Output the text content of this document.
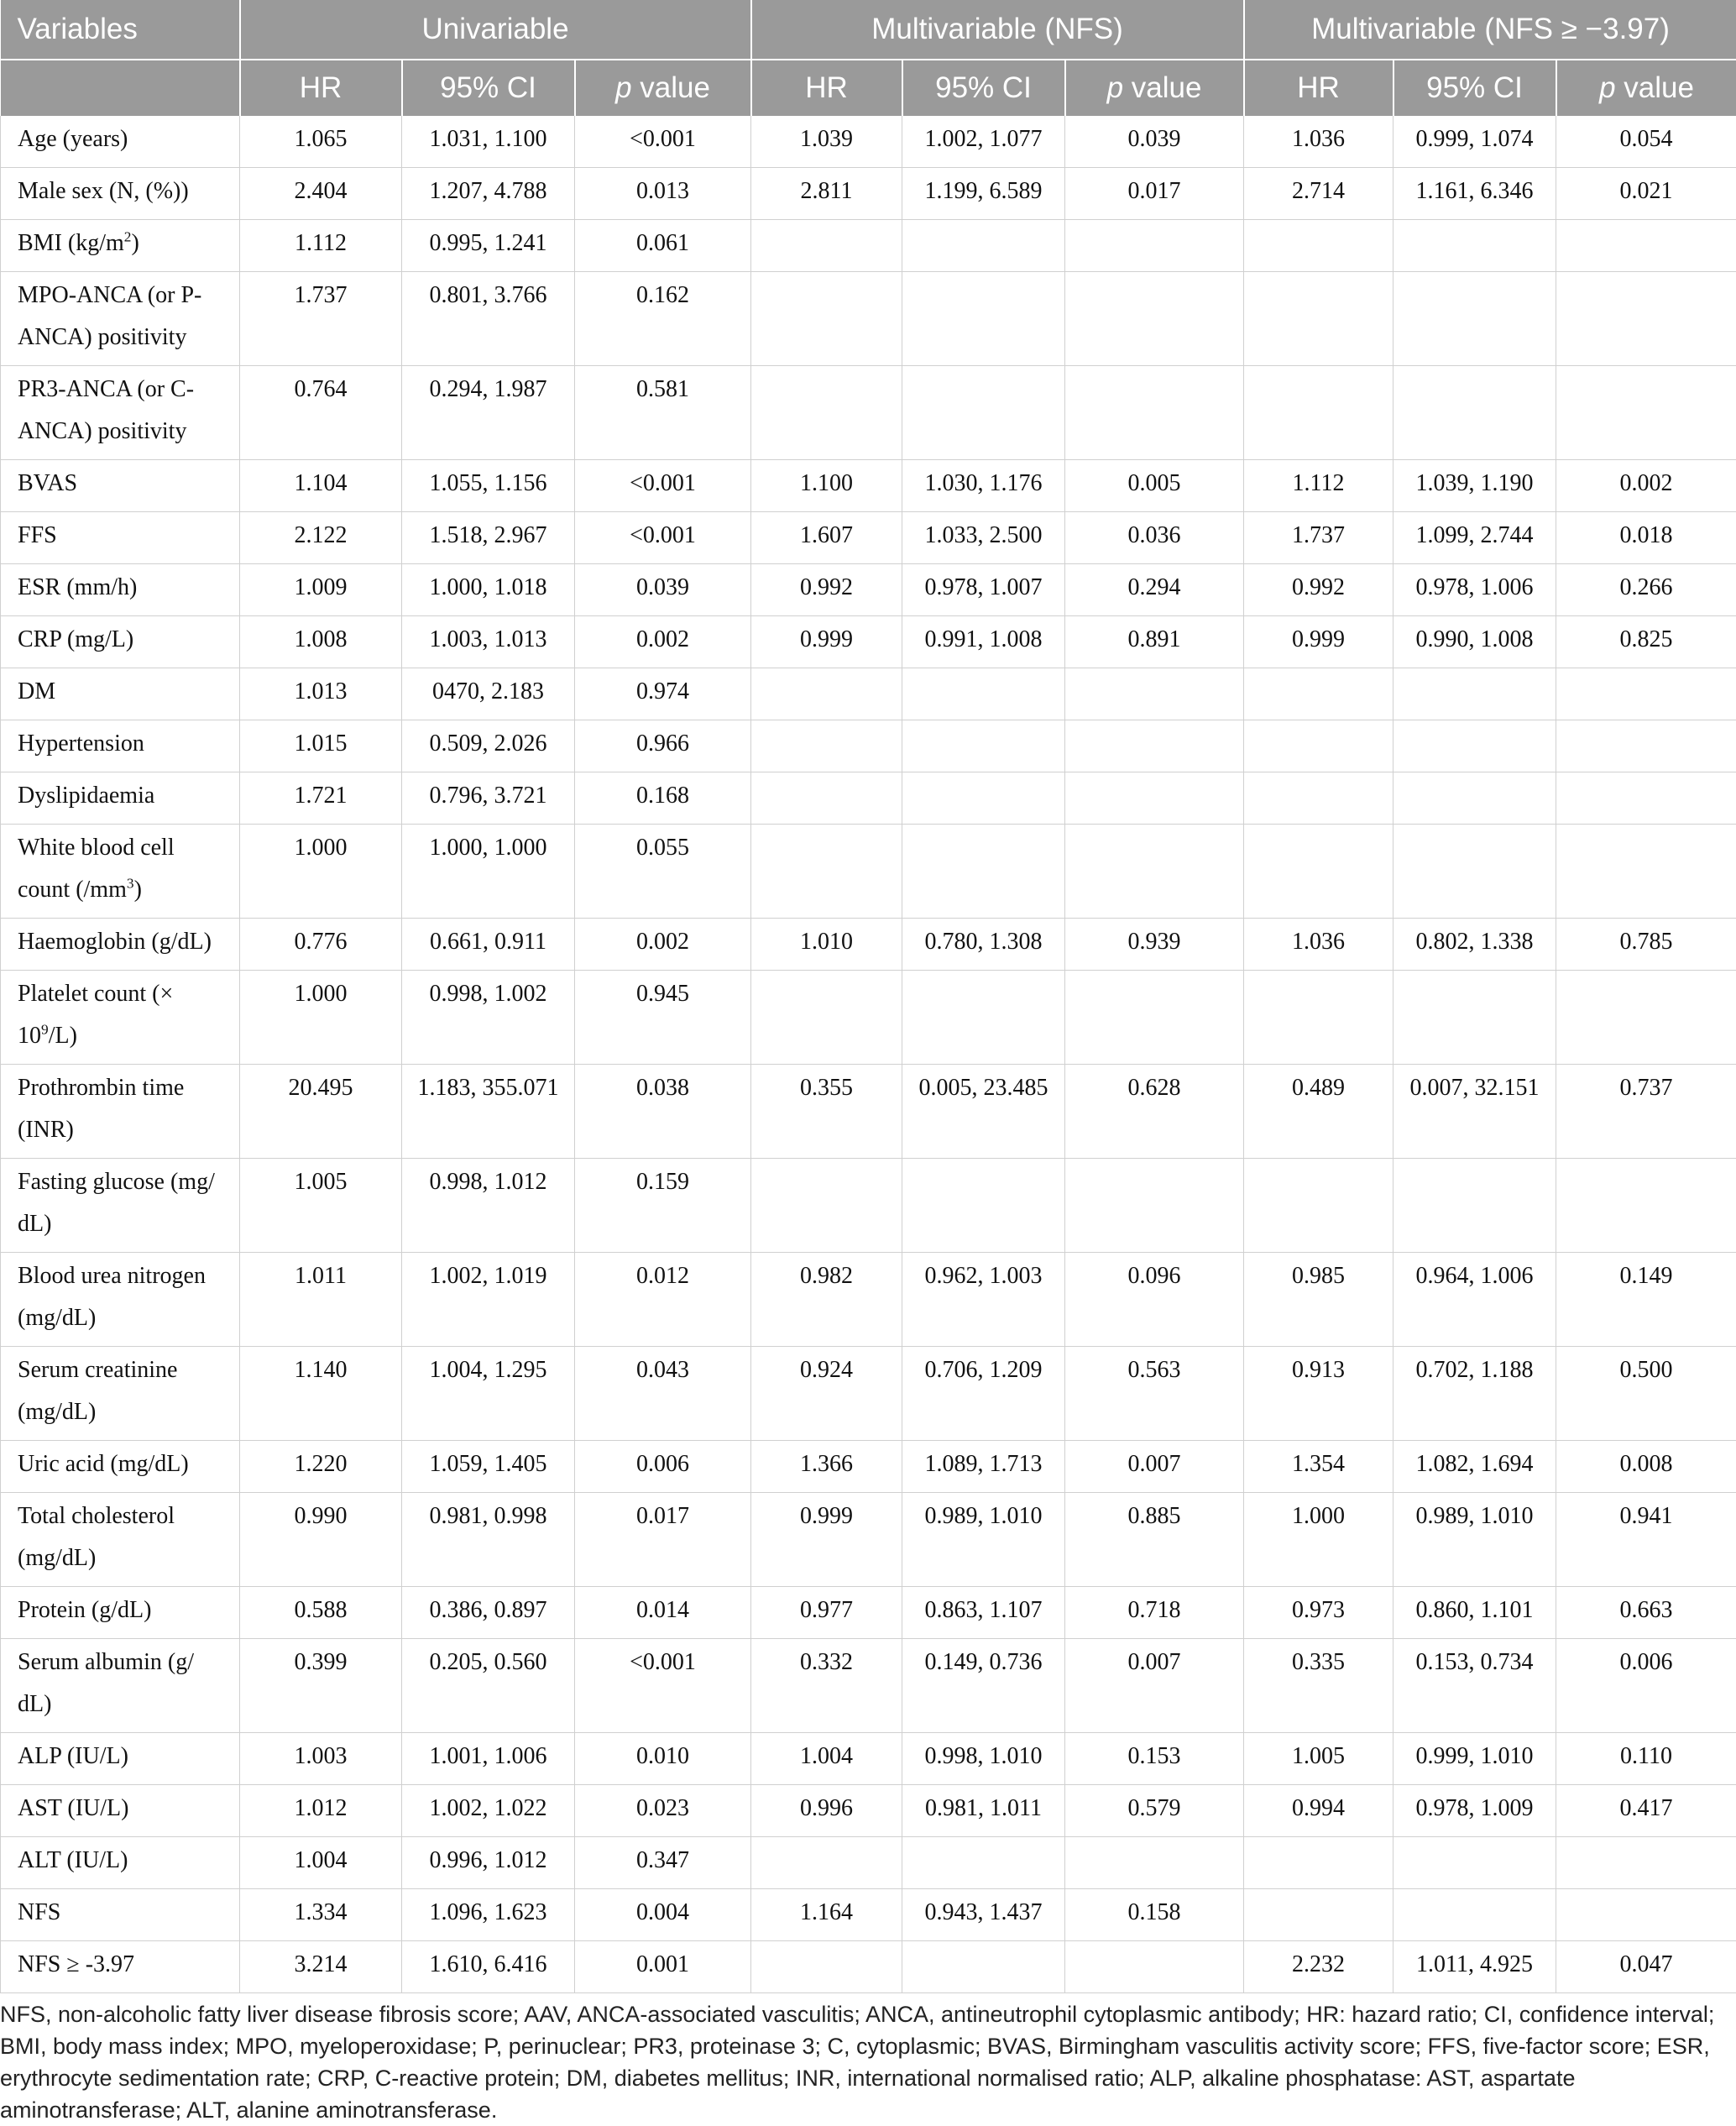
Variables	Univariable			Multivariable (NFS)			Multivariable (NFS ≥ −3.97)		
	HR	95% CI	p value	HR	95% CI	p value	HR	95% CI	p value
Age (years)	1.065	1.031, 1.100	<0.001	1.039	1.002, 1.077	0.039	1.036	0.999, 1.074	0.054
Male sex (N, (%))	2.404	1.207, 4.788	0.013	2.811	1.199, 6.589	0.017	2.714	1.161, 6.346	0.021
BMI $(kg/m^2)$	1.112	0.995, 1.241	0.061						
MPO-ANCA (or P-ANCA) positivity	1.737	0.801, 3.766	0.162						
PR3-ANCA (or C-ANCA) positivity	0.764	0.294, 1.987	0.581						
BVAS	1.104	1.055, 1.156	<0.001	1.100	1.030, 1.176	0.005	1.112	1.039, 1.190	0.002
FFS	2.122	1.518, 2.967	<0.001	1.607	1.033, 2.500	0.036	1.737	1.099, 2.744	0.018
ESR (mm/h)	1.009	1.000, 1.018	0.039	0.992	0.978, 1.007	0.294	0.992	0.978, 1.006	0.266
CRP (mg/L)	1.008	1.003, 1.013	0.002	0.999	0.991, 1.008	0.891	0.999	0.990, 1.008	0.825
DM	1.013	0470, 2.183	0.974						
Hypertension	1.015	0.509, 2.026	0.966						
Dyslipidaemia	1.721	0.796, 3.721	0.168						
White blood cell count $(/mm^3)$	1.000	1.000, 1.000	0.055						
Haemoglobin (g/dL)	0.776	0.661, 0.911	0.002	1.010	0.780, 1.308	0.939	1.036	0.802, 1.338	0.785
Platelet count (× $10^9/L$)	1.000	0.998, 1.002	0.945						
Prothrombin time (INR)	20.495	1.183, 355.071	0.038	0.355	0.005, 23.485	0.628	0.489	0.007, 32.151	0.737
Fasting glucose (mg/ dL)	1.005	0.998, 1.012	0.159						
Blood urea nitrogen (mg/dL)	1.011	1.002, 1.019	0.012	0.982	0.962, 1.003	0.096	0.985	0.964, 1.006	0.149
Serum creatinine (mg/dL)	1.140	1.004, 1.295	0.043	0.924	0.706, 1.209	0.563	0.913	0.702, 1.188	0.500
Uric acid (mg/dL)	1.220	1.059, 1.405	0.006	1.366	1.089, 1.713	0.007	1.354	1.082, 1.694	0.008
Total cholesterol (mg/dL)	0.990	0.981, 0.998	0.017	0.999	0.989, 1.010	0.885	1.000	0.989, 1.010	0.941
Protein (g/dL)	0.588	0.386, 0.897	0.014	0.977	0.863, 1.107	0.718	0.973	0.860, 1.101	0.663
Serum albumin (g/ dL)	0.399	0.205, 0.560	<0.001	0.332	0.149, 0.736	0.007	0.335	0.153, 0.734	0.006
ALP (IU/L)	1.003	1.001, 1.006	0.010	1.004	0.998, 1.010	0.153	1.005	0.999, 1.010	0.110
AST (IU/L)	1.012	1.002, 1.022	0.023	0.996	0.981, 1.011	0.579	0.994	0.978, 1.009	0.417
ALT (IU/L)	1.004	0.996, 1.012	0.347						
NFS	1.334	1.096, 1.623	0.004	1.164	0.943, 1.437	0.158			
NFS ≥ -3.97	3.214	1.610, 6.416	0.001				2.232	1.011, 4.925	0.047
NFS, non-alcoholic fatty liver disease fibrosis score; AAV, ANCA-associated vasculitis; ANCA, antineutrophil cytoplasmic antibody; HR: hazard ratio; CI, confidence interval; BMI, body mass index; MPO, myeloperoxidase; P, perinuclear; PR3, proteinase 3; C, cytoplasmic; BVAS, Birmingham vasculitis activity score; FFS, five-factor score; ESR, erythrocyte sedimentation rate; CRP, C-reactive protein; DM, diabetes mellitus; INR, international normalised ratio; ALP, alkaline phosphatase: AST, aspartate aminotransferase; ALT, alanine aminotransferase.
